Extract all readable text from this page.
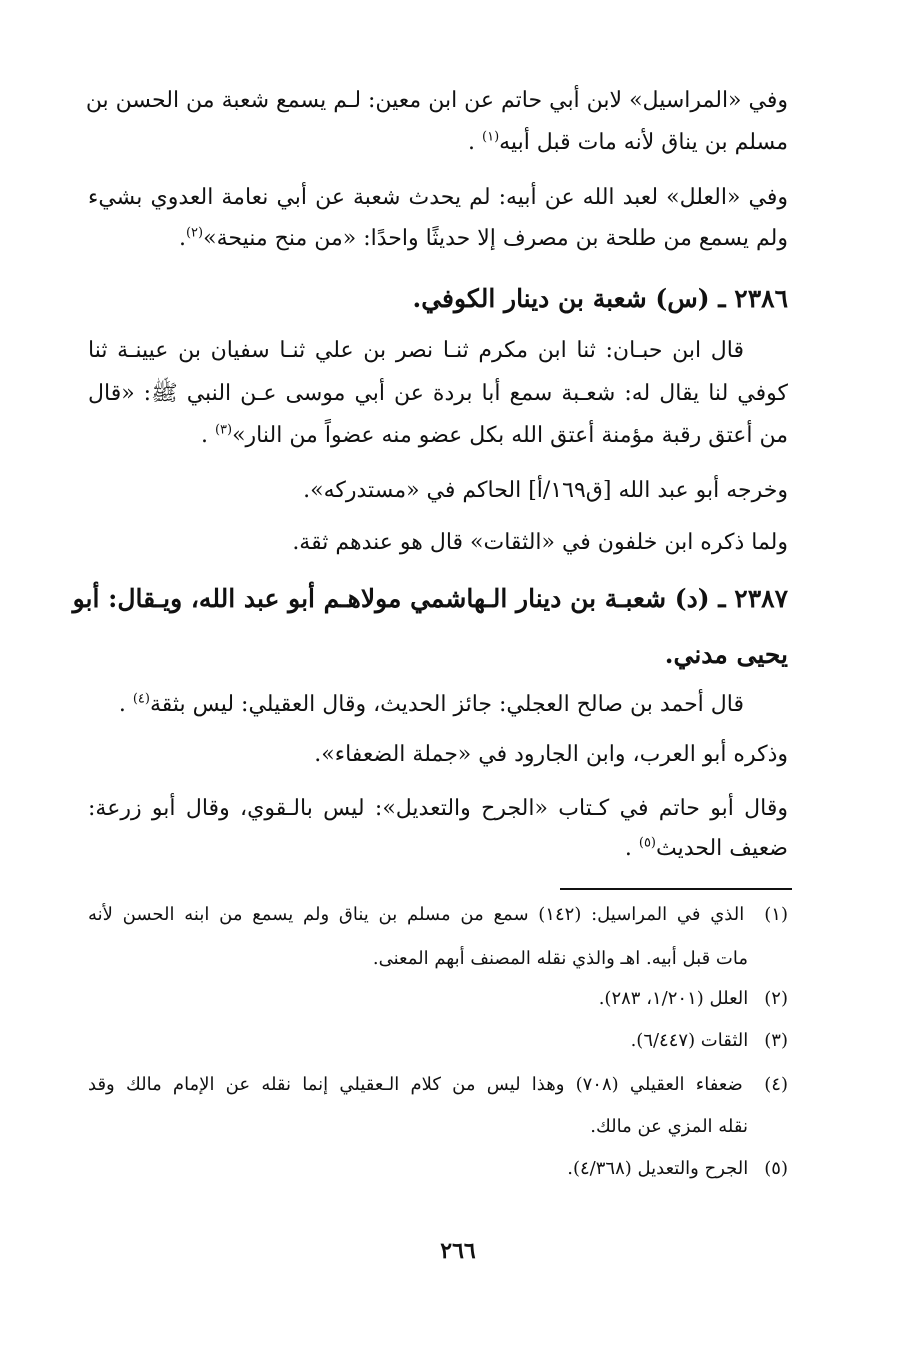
وفي «المراسيل» لابن أبي حاتم عن ابن معين: لـم يسمع شعبة من الحسن بن
مسلم بن يناق لأنه مات قبل أبيه$^{(١)}$ .
وفي «العلل» لعبد الله عن أبيه: لم يحدث شعبة عن أبي نعامة العدوي بشيء
ولم يسمع من طلحة بن مصرف إلا حديثًا واحدًا: «من منح منيحة»$^{(٢)}$.
٢٣٨٦ ـ (س) شعبة بن دينار الكوفي.
قال ابن حبـان: ثنا ابن مكرم ثنـا نصر بن علي ثنـا سفيان بن عيينـة ثنا
كوفي لنا يقال له: شعـبة سمع أبا بردة عن أبي موسى عـن النبي ﷺ: «قال
من أعتق رقبة مؤمنة أعتق الله بكل عضو منه عضواً من النار»$^{(٣)}$ .
وخرجه أبو عبد الله [ق١٦٩/أ] الحاكم في «مستدركه».
ولما ذكره ابن خلفون في «الثقات» قال هو عندهم ثقة.
٢٣٨٧ ـ (د) شعبـة بن دينار الـهاشمي مولاهـم أبو عبد الله، ويـقال: أبو
يحيى مدني.
قال أحمد بن صالح العجلي: جائز الحديث، وقال العقيلي: ليس بثقة$^{(٤)}$ .
وذكره أبو العرب، وابن الجارود في «جملة الضعفاء».
وقال أبو حاتم في كـتاب «الجرح والتعديل»: ليس بالـقوي، وقال أبو زرعة:
ضعيف الحديث$^{(٥)}$ .
(١) الذي في المراسيل: (١٤٢) سمع من مسلم بن يناق ولم يسمع من ابنه الحسن لأنه
مات قبل أبيه. اهـ والذي نقله المصنف أبهم المعنى.
(٢) العلل (١/٢٠١، ٢٨٣).
(٣) الثقات (٦/٤٤٧).
(٤) ضعفاء العقيلي (٧٠٨) وهذا ليس من كلام الـعقيلي إنما نقله عن الإمام مالك وقد
نقله المزي عن مالك.
(٥) الجرح والتعديل (٤/٣٦٨).
٢٦٦
